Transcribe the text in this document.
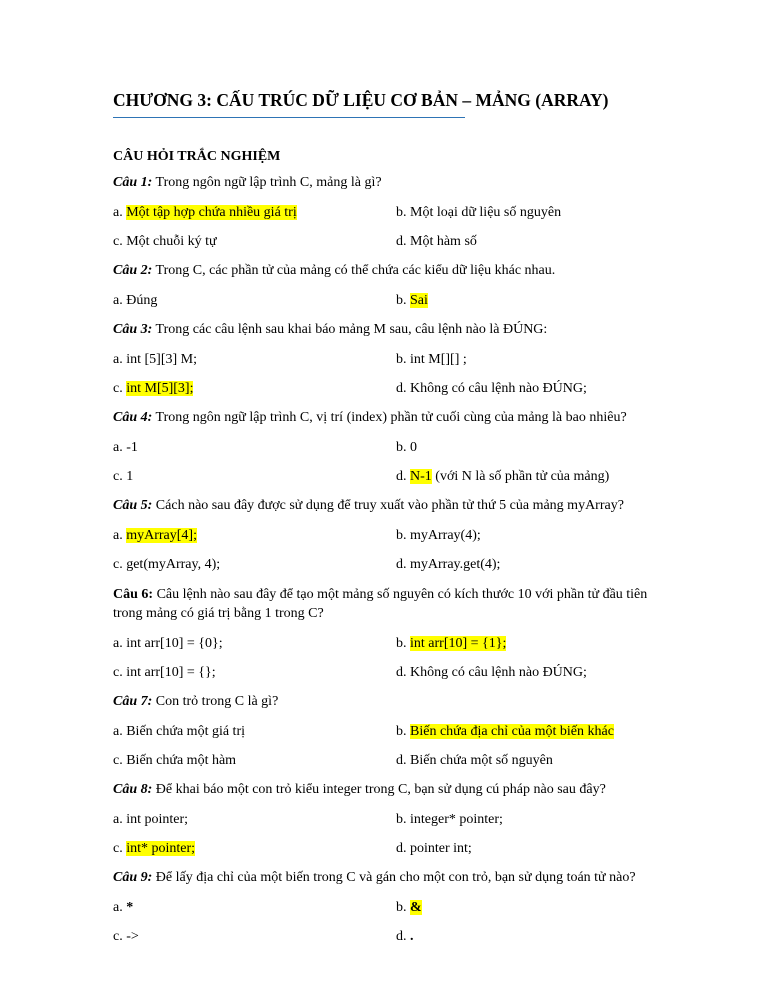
CHƯƠNG 3: CẤU TRÚC DỮ LIỆU CƠ BẢN – MẢNG (ARRAY)
CÂU HỎI TRẮC NGHIỆM

Câu 1: Trong ngôn ngữ lập trình C, mảng là gì?

a. Một tập hợp chứa nhiều giá trị	b. Một loại dữ liệu số nguyên
c. Một chuỗi ký tự	d. Một hàm số

Câu 2: Trong C, các phần tử của mảng có thể chứa các kiểu dữ liệu khác nhau.

a. Đúng	b. Sai

Câu 3: Trong các câu lệnh sau khai báo mảng M sau, câu lệnh nào là ĐÚNG:

a. int [5][3] M;	b. int M[][] ;
c. int M[5][3];	d. Không có câu lệnh nào ĐÚNG;

Câu 4: Trong ngôn ngữ lập trình C, vị trí (index) phần tử cuối cùng của mảng là bao nhiêu?

a. -1	b. 0
c. 1	d. N-1 (với N là số phần tử của mảng)

Câu 5: Cách nào sau đây được sử dụng để truy xuất vào phần tử thứ 5 của mảng myArray?

a. myArray[4];	b. myArray(4);
c. get(myArray, 4);	d. myArray.get(4);

Câu 6: Câu lệnh nào sau đây để tạo một mảng số nguyên có kích thước 10 với phần tử đầu tiên trong mảng có giá trị bằng 1 trong C?

a. int arr[10] = {0};	b. int arr[10] = {1};
c. int arr[10] = {};	d. Không có câu lệnh nào ĐÚNG;

Câu 7: Con trỏ trong C là gì?

a. Biến chứa một giá trị	b. Biến chứa địa chỉ của một biến khác
c. Biến chứa một hàm	d. Biến chứa một số nguyên

Câu 8: Để khai báo một con trỏ kiểu integer trong C, bạn sử dụng cú pháp nào sau đây?

a. int pointer;	b. integer* pointer;
c. int* pointer;	d. pointer int;

Câu 9: Để lấy địa chỉ của một biến trong C và gán cho một con trỏ, bạn sử dụng toán tử nào?

a. *	b. &
c. ->	d. .
